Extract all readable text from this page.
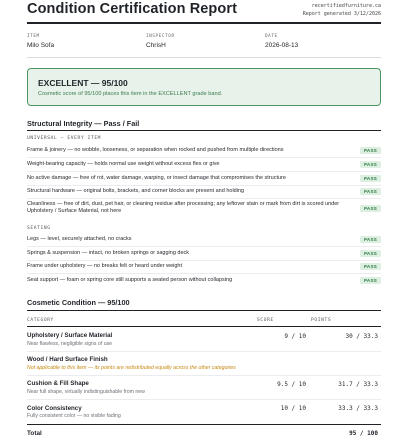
Condition Certification Report	recertifiedfurniture.ca
Report generated 3/12/2026
ITEM
Milo Sofa
INSPECTOR
ChrisH
DATE
2026-08-13
EXCELLENT — 95/100
Cosmetic score of 95/100 places this item in the EXCELLENT grade band.
Structural Integrity — Pass / Fail
UNIVERSAL — EVERY ITEM
Frame & joinery — no wobble, looseness, or separation when rocked and pushed from multiple directions	PASS
Weight-bearing capacity — holds normal use weight without excess flex or give	PASS
No active damage — free of rot, water damage, warping, or insect damage that compromises the structure	PASS
Structural hardware — original bolts, brackets, and corner blocks are present and holding	PASS
Cleanliness — free of dirt, dust, pet hair, or cleaning residue after processing; any leftover stain or mark from dirt is scored under Upholstery / Surface Material, not here	PASS
SEATING
Legs — level, securely attached, no cracks	PASS
Springs & suspension — intact, no broken springs or sagging deck	PASS
Frame under upholstery — no breaks felt or heard under weight	PASS
Seat support — foam or spring core still supports a seated person without collapsing	PASS
Cosmetic Condition — 95/100
CATEGORY	SCORE	POINTS
Upholstery / Surface Material
Near flawless, negligible signs of use
9 / 10	30 / 33.3
Wood / Hard Surface Finish
Not applicable to this item — its points are redistributed equally across the other categories
Cushion & Fill Shape
Near full shape, virtually indistinguishable from new
9.5 / 10	31.7 / 33.3
Color Consistency
Fully consistent color — no visible fading
10 / 10	33.3 / 33.3
Total	95 / 100
